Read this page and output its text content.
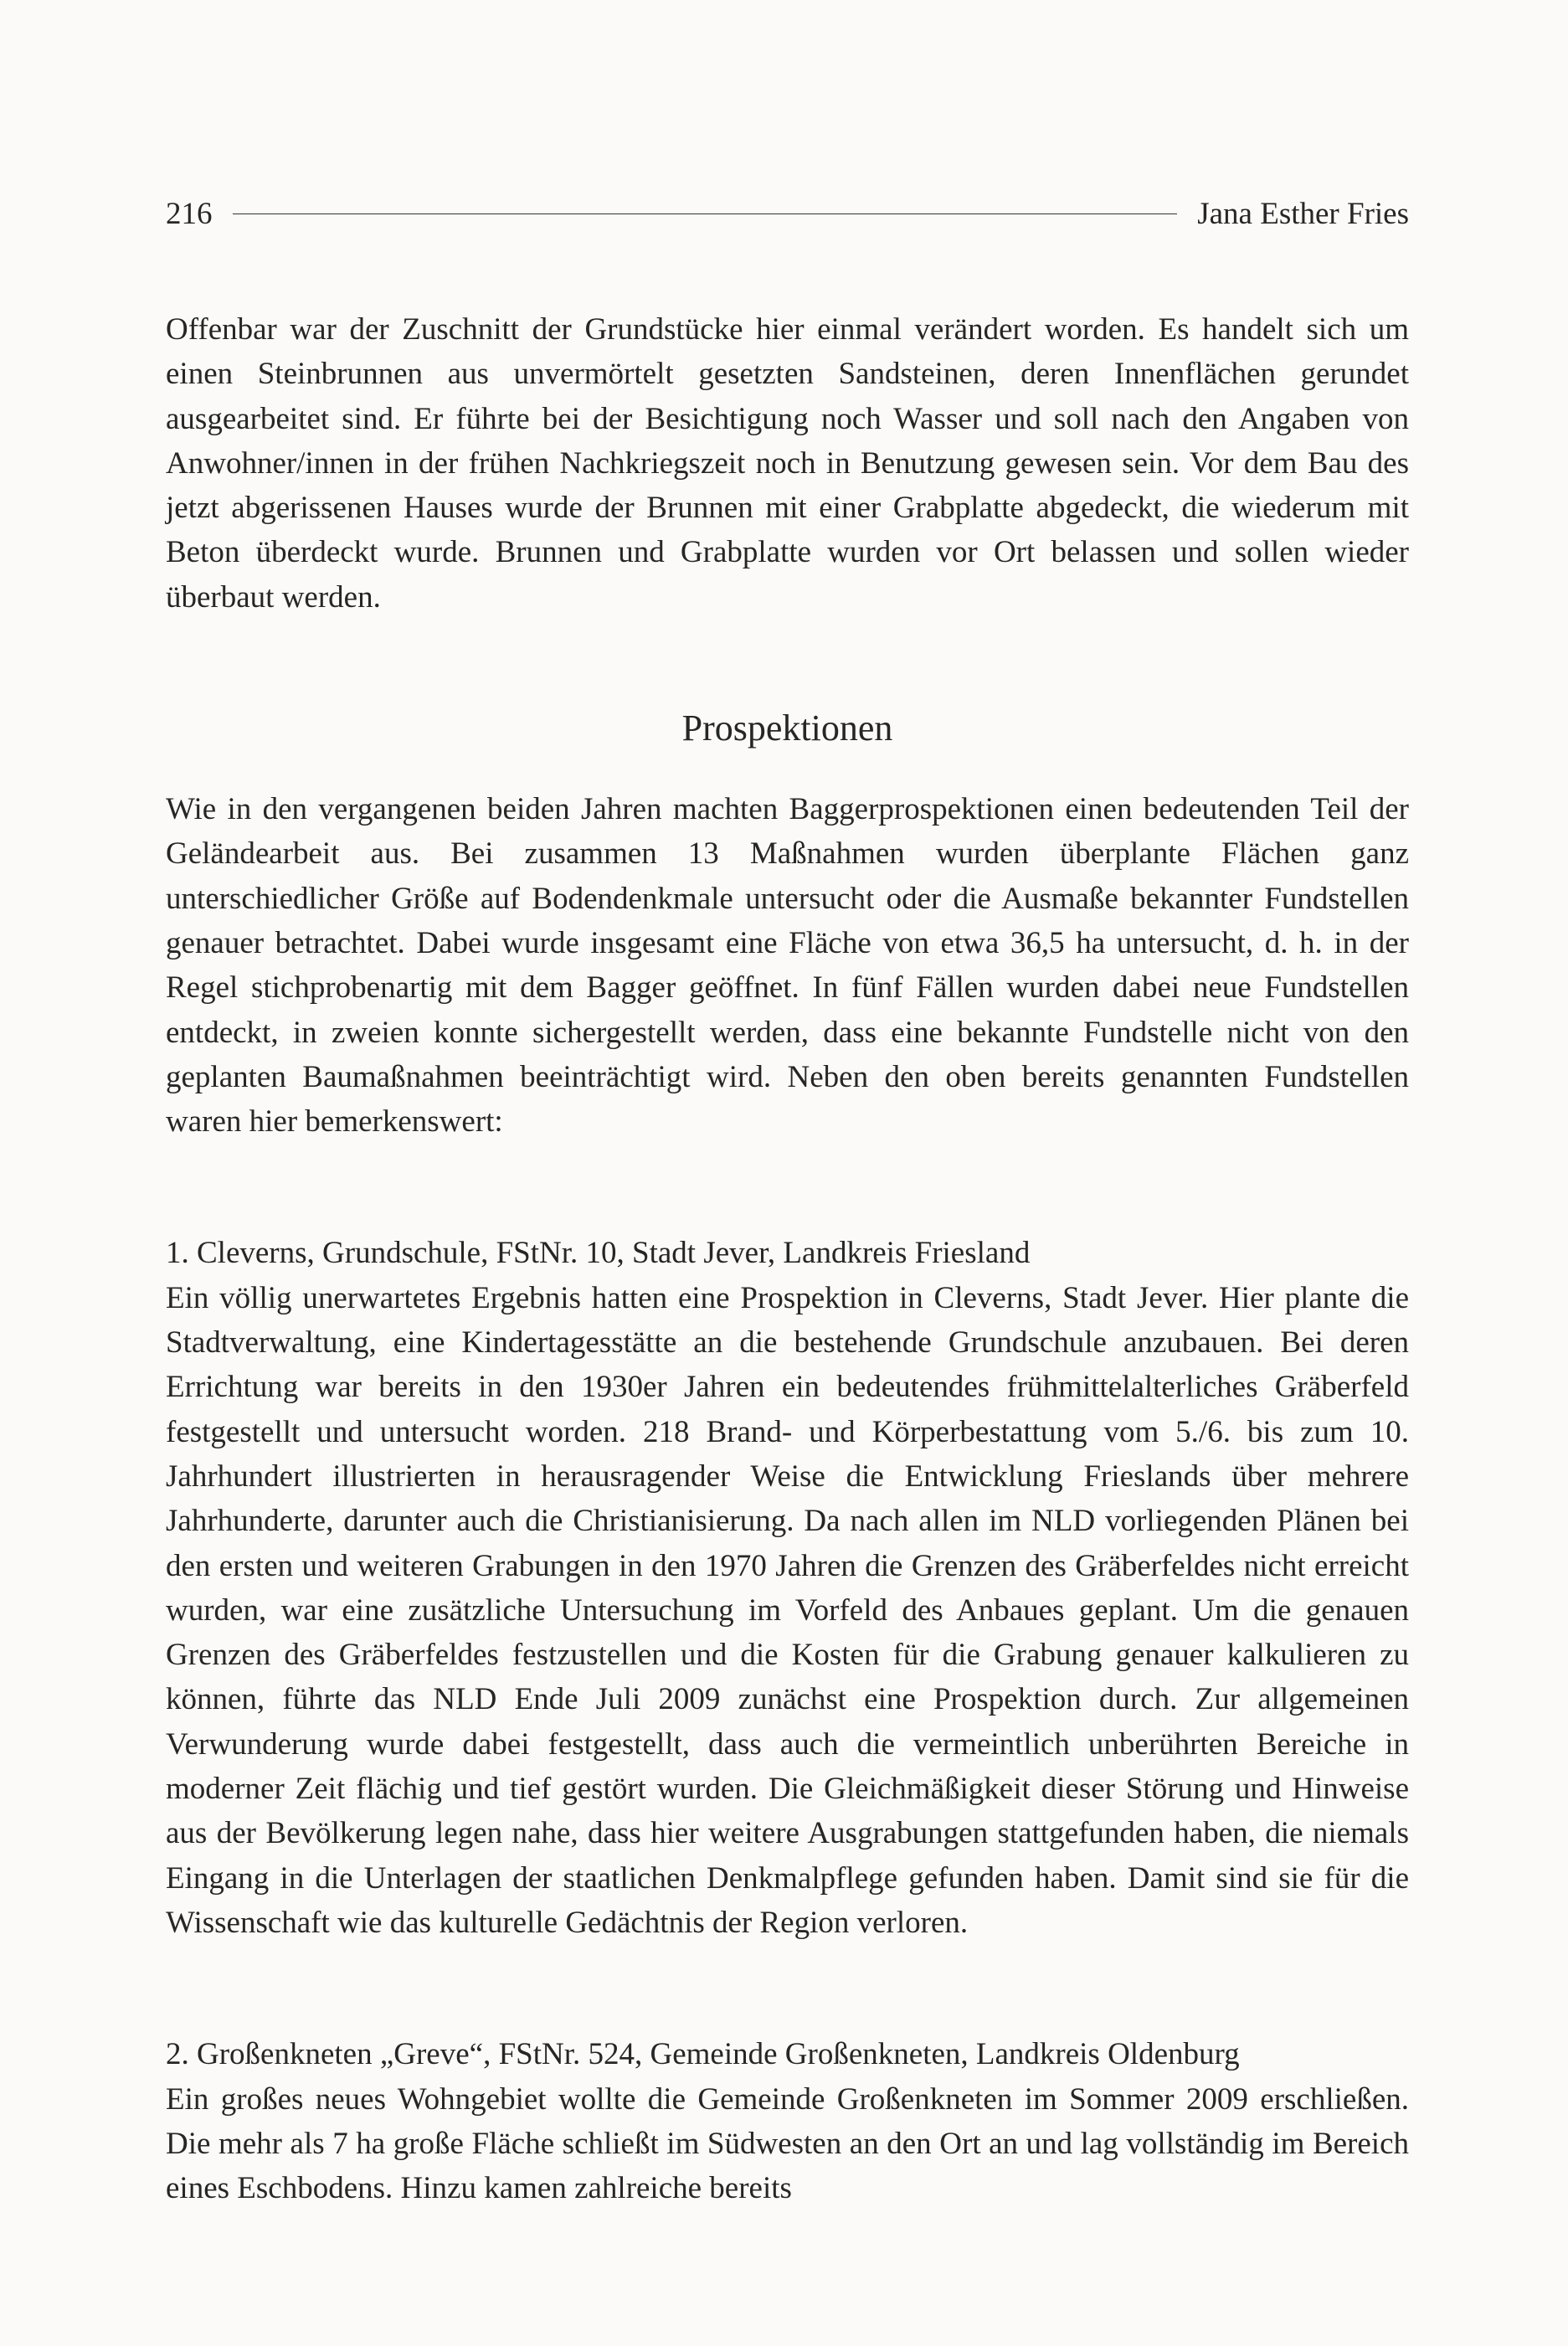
216	Jana Esther Fries

Offenbar war der Zuschnitt der Grundstücke hier einmal verändert worden. Es handelt sich um einen Steinbrunnen aus unvermörtelt gesetzten Sandsteinen, deren Innenflächen gerundet ausgearbeitet sind. Er führte bei der Besichtigung noch Wasser und soll nach den Angaben von Anwohner/innen in der frühen Nachkriegszeit noch in Benutzung gewesen sein. Vor dem Bau des jetzt abgerissenen Hauses wurde der Brunnen mit einer Grabplatte abgedeckt, die wiederum mit Beton überdeckt wurde. Brunnen und Grabplatte wurden vor Ort belassen und sollen wieder überbaut werden.

Prospektionen

Wie in den vergangenen beiden Jahren machten Baggerprospektionen einen bedeutenden Teil der Geländearbeit aus. Bei zusammen 13 Maßnahmen wurden überplante Flächen ganz unterschiedlicher Größe auf Bodendenkmale untersucht oder die Ausmaße bekannter Fundstellen genauer betrachtet. Dabei wurde insgesamt eine Fläche von etwa 36,5 ha untersucht, d. h. in der Regel stichprobenartig mit dem Bagger geöffnet. In fünf Fällen wurden dabei neue Fundstellen entdeckt, in zweien konnte sichergestellt werden, dass eine bekannte Fundstelle nicht von den geplanten Baumaßnahmen beeinträchtigt wird. Neben den oben bereits genannten Fundstellen waren hier bemerkenswert:

1. Cleverns, Grundschule, FStNr. 10, Stadt Jever, Landkreis Friesland

Ein völlig unerwartetes Ergebnis hatten eine Prospektion in Cleverns, Stadt Jever. Hier plante die Stadtverwaltung, eine Kindertagesstätte an die bestehende Grundschule anzubauen. Bei deren Errichtung war bereits in den 1930er Jahren ein bedeutendes frühmittelalterliches Gräberfeld festgestellt und untersucht worden. 218 Brand- und Körperbestattung vom 5./6. bis zum 10. Jahrhundert illustrierten in herausragender Weise die Entwicklung Frieslands über mehrere Jahrhunderte, darunter auch die Christianisierung. Da nach allen im NLD vorliegenden Plänen bei den ersten und weiteren Grabungen in den 1970 Jahren die Grenzen des Gräberfeldes nicht erreicht wurden, war eine zusätzliche Untersuchung im Vorfeld des Anbaues geplant. Um die genauen Grenzen des Gräberfeldes festzustellen und die Kosten für die Grabung genauer kalkulieren zu können, führte das NLD Ende Juli 2009 zunächst eine Prospektion durch. Zur allgemeinen Verwunderung wurde dabei festgestellt, dass auch die vermeintlich unberührten Bereiche in moderner Zeit flächig und tief gestört wurden. Die Gleichmäßigkeit dieser Störung und Hinweise aus der Bevölkerung legen nahe, dass hier weitere Ausgrabungen stattgefunden haben, die niemals Eingang in die Unterlagen der staatlichen Denkmalpflege gefunden haben. Damit sind sie für die Wissenschaft wie das kulturelle Gedächtnis der Region verloren.

2. Großenkneten „Greve“, FStNr. 524, Gemeinde Großenkneten, Landkreis Oldenburg

Ein großes neues Wohngebiet wollte die Gemeinde Großenkneten im Sommer 2009 erschließen. Die mehr als 7 ha große Fläche schließt im Südwesten an den Ort an und lag vollständig im Bereich eines Eschbodens. Hinzu kamen zahlreiche bereits
